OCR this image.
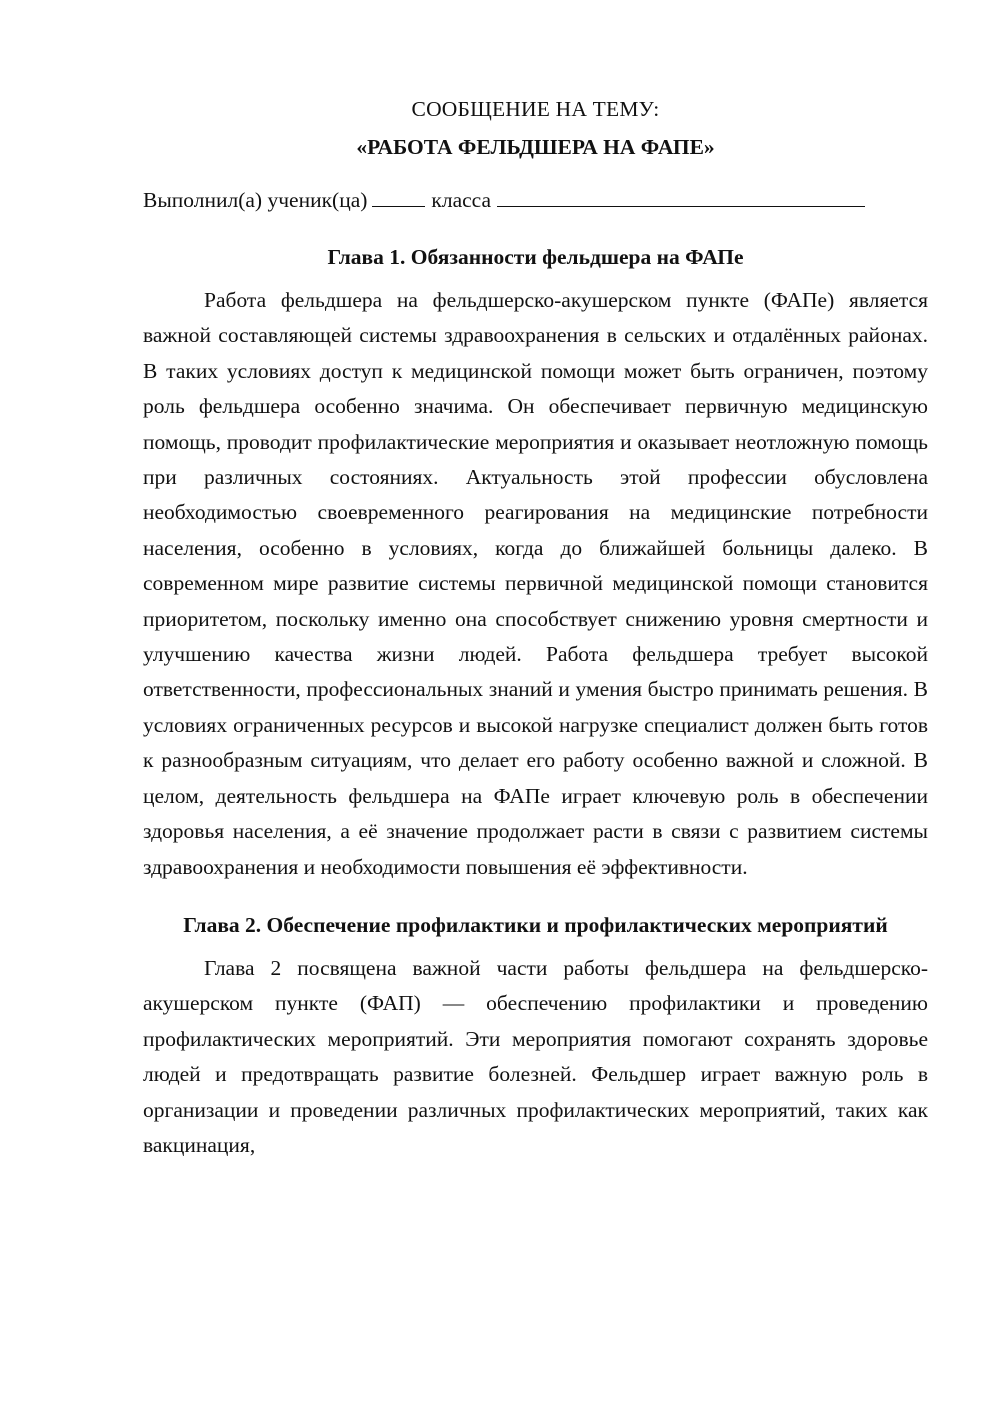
СООБЩЕНИЕ НА ТЕМУ:

«РАБОТА ФЕЛЬДШЕРА НА ФАПЕ»

Выполнил(а) ученик(ца)	класса

Глава 1. Обязанности фельдшера на ФАПе

Работа фельдшера на фельдшерско-акушерском пункте (ФАПе) является важной составляющей системы здравоохранения в сельских и отдалённых районах. В таких условиях доступ к медицинской помощи может быть ограничен, поэтому роль фельдшера особенно значима. Он обеспечивает первичную медицинскую помощь, проводит профилактические мероприятия и оказывает неотложную помощь при различных состояниях. Актуальность этой профессии обусловлена необходимостью своевременного реагирования на медицинские потребности населения, особенно в условиях, когда до ближайшей больницы далеко. В современном мире развитие системы первичной медицинской помощи становится приоритетом, поскольку именно она способствует снижению уровня смертности и улучшению качества жизни людей. Работа фельдшера требует высокой ответственности, профессиональных знаний и умения быстро принимать решения. В условиях ограниченных ресурсов и высокой нагрузке специалист должен быть готов к разнообразным ситуациям, что делает его работу особенно важной и сложной. В целом, деятельность фельдшера на ФАПе играет ключевую роль в обеспечении здоровья населения, а её значение продолжает расти в связи с развитием системы здравоохранения и необходимости повышения её эффективности.

Глава 2. Обеспечение профилактики и профилактических мероприятий

Глава 2 посвящена важной части работы фельдшера на фельдшерско-акушерском пункте (ФАП) — обеспечению профилактики и проведению профилактических мероприятий. Эти мероприятия помогают сохранять здоровье людей и предотвращать развитие болезней. Фельдшер играет важную роль в организации и проведении различных профилактических мероприятий, таких как вакцинация,
